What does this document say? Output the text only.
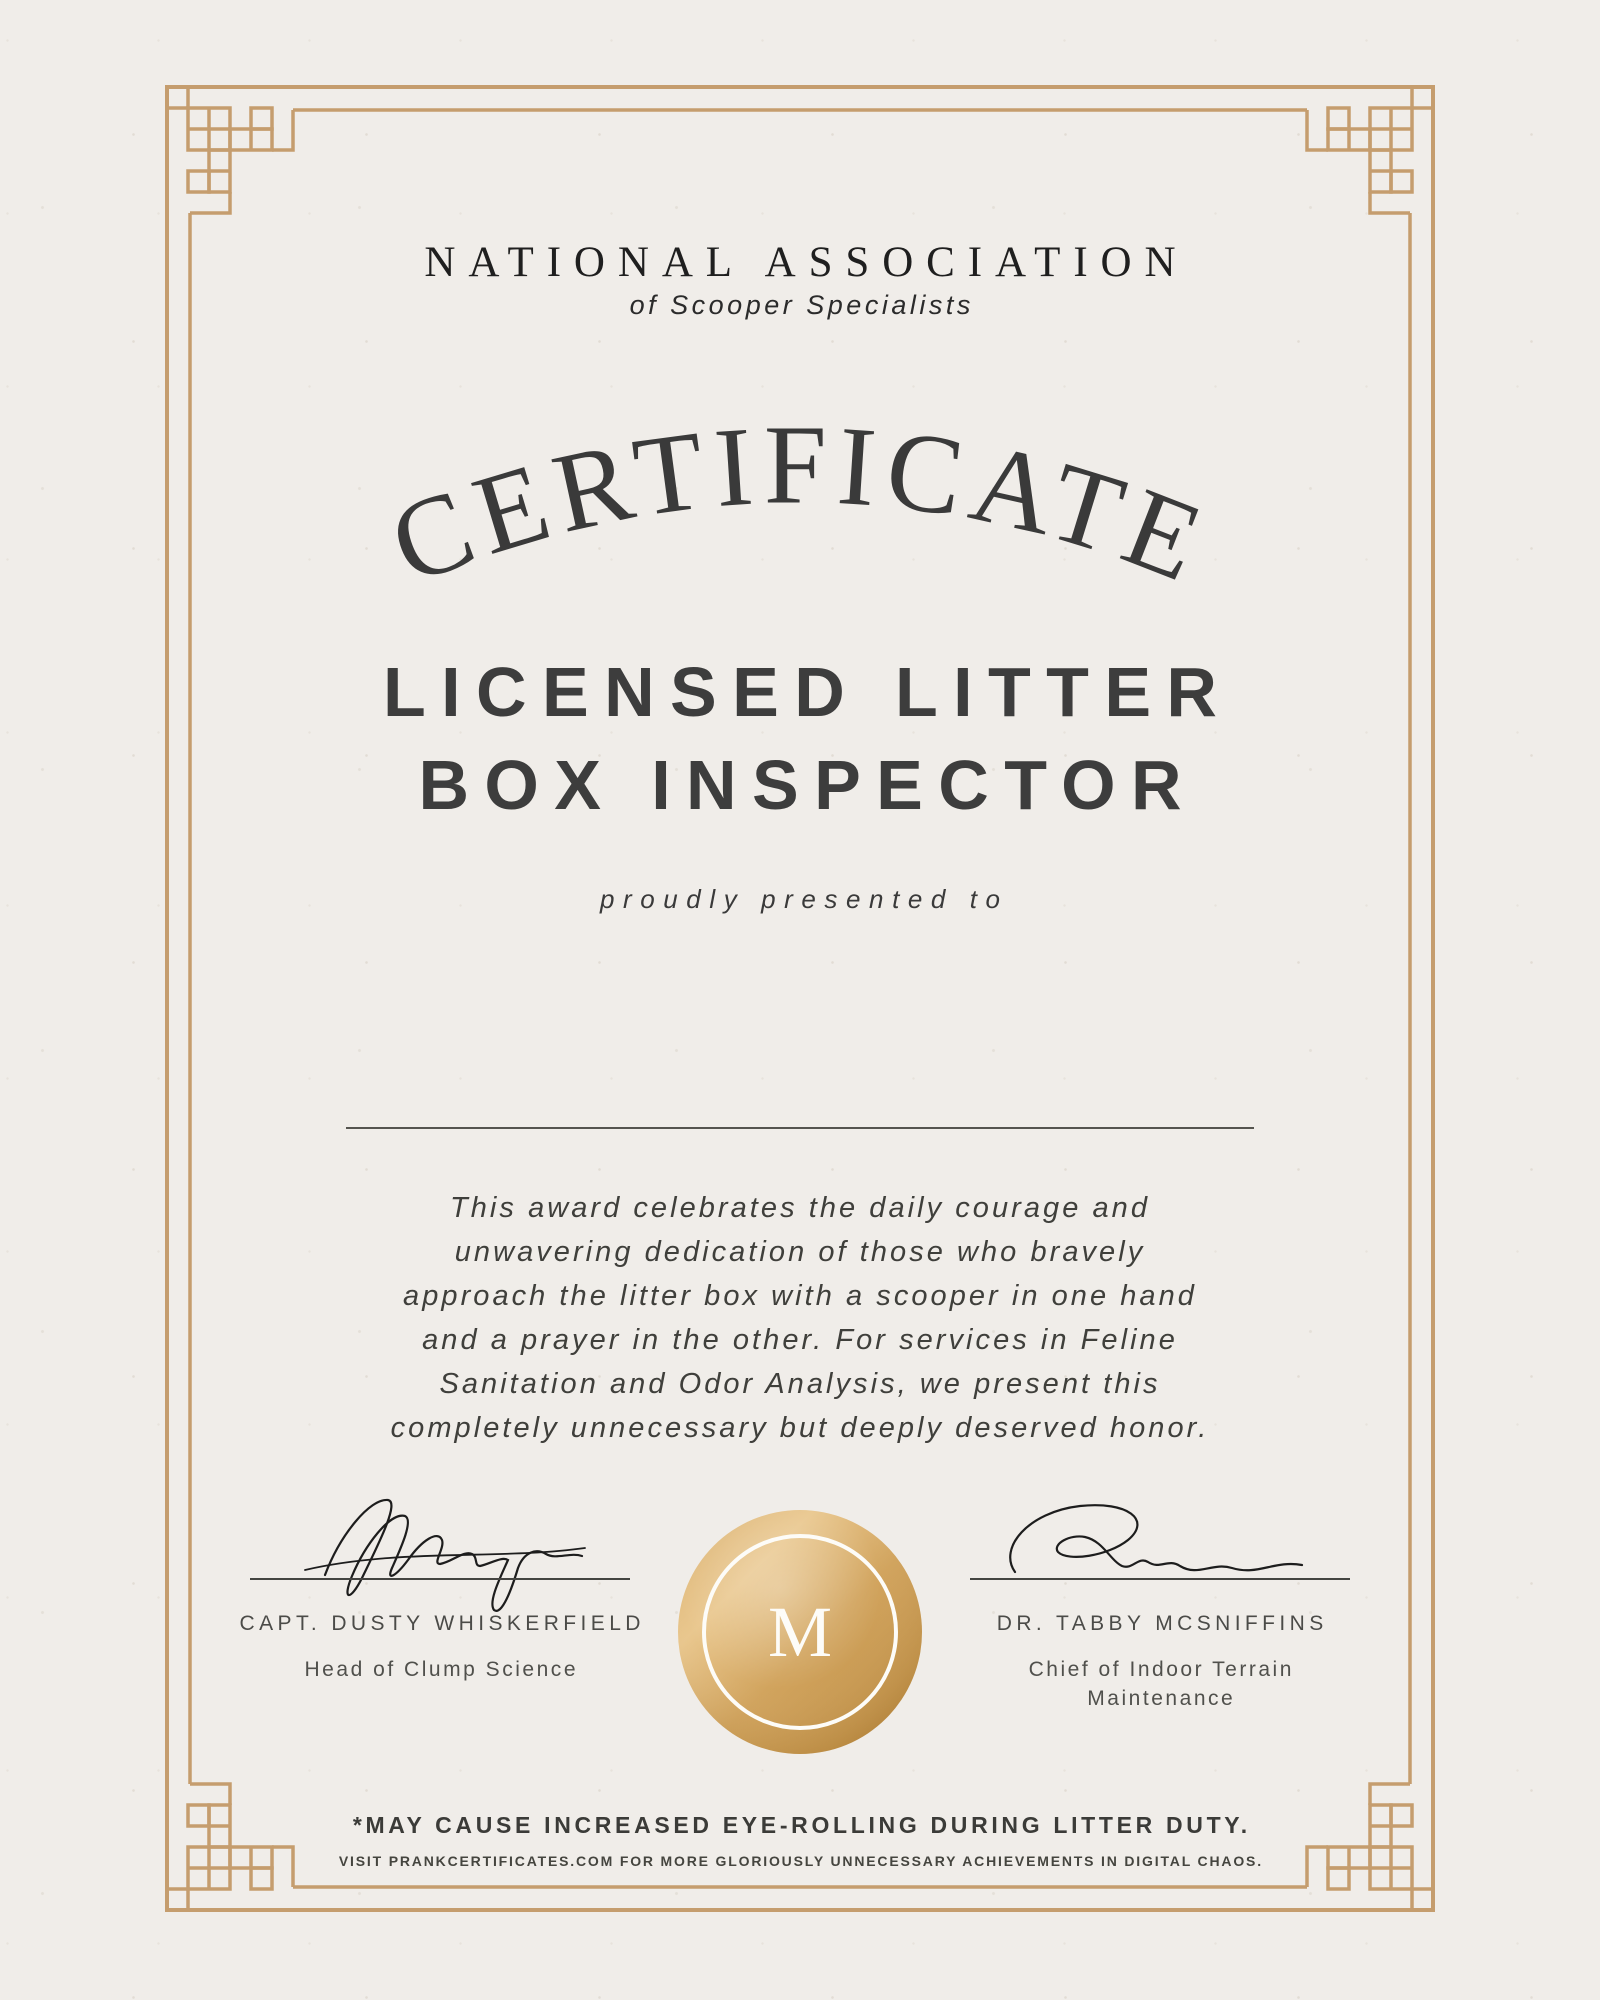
NATIONAL ASSOCIATION
of Scooper Specialists
CERTIFICATE
LICENSED LITTER
BOX INSPECTOR
proudly presented to
This award celebrates the daily courage and
unwavering dedication of those who bravely
approach the litter box with a scooper in one hand
and a prayer in the other. For services in Feline
Sanitation and Odor Analysis, we present this
completely unnecessary but deeply deserved honor.
CAPT. DUSTY WHISKERFIELD
Head of Clump Science
DR. TABBY MCSNIFFINS
Chief of Indoor Terrain
Maintenance
M
*MAY CAUSE INCREASED EYE-ROLLING DURING LITTER DUTY.
VISIT PRANKCERTIFICATES.COM FOR MORE GLORIOUSLY UNNECESSARY ACHIEVEMENTS IN DIGITAL CHAOS.
